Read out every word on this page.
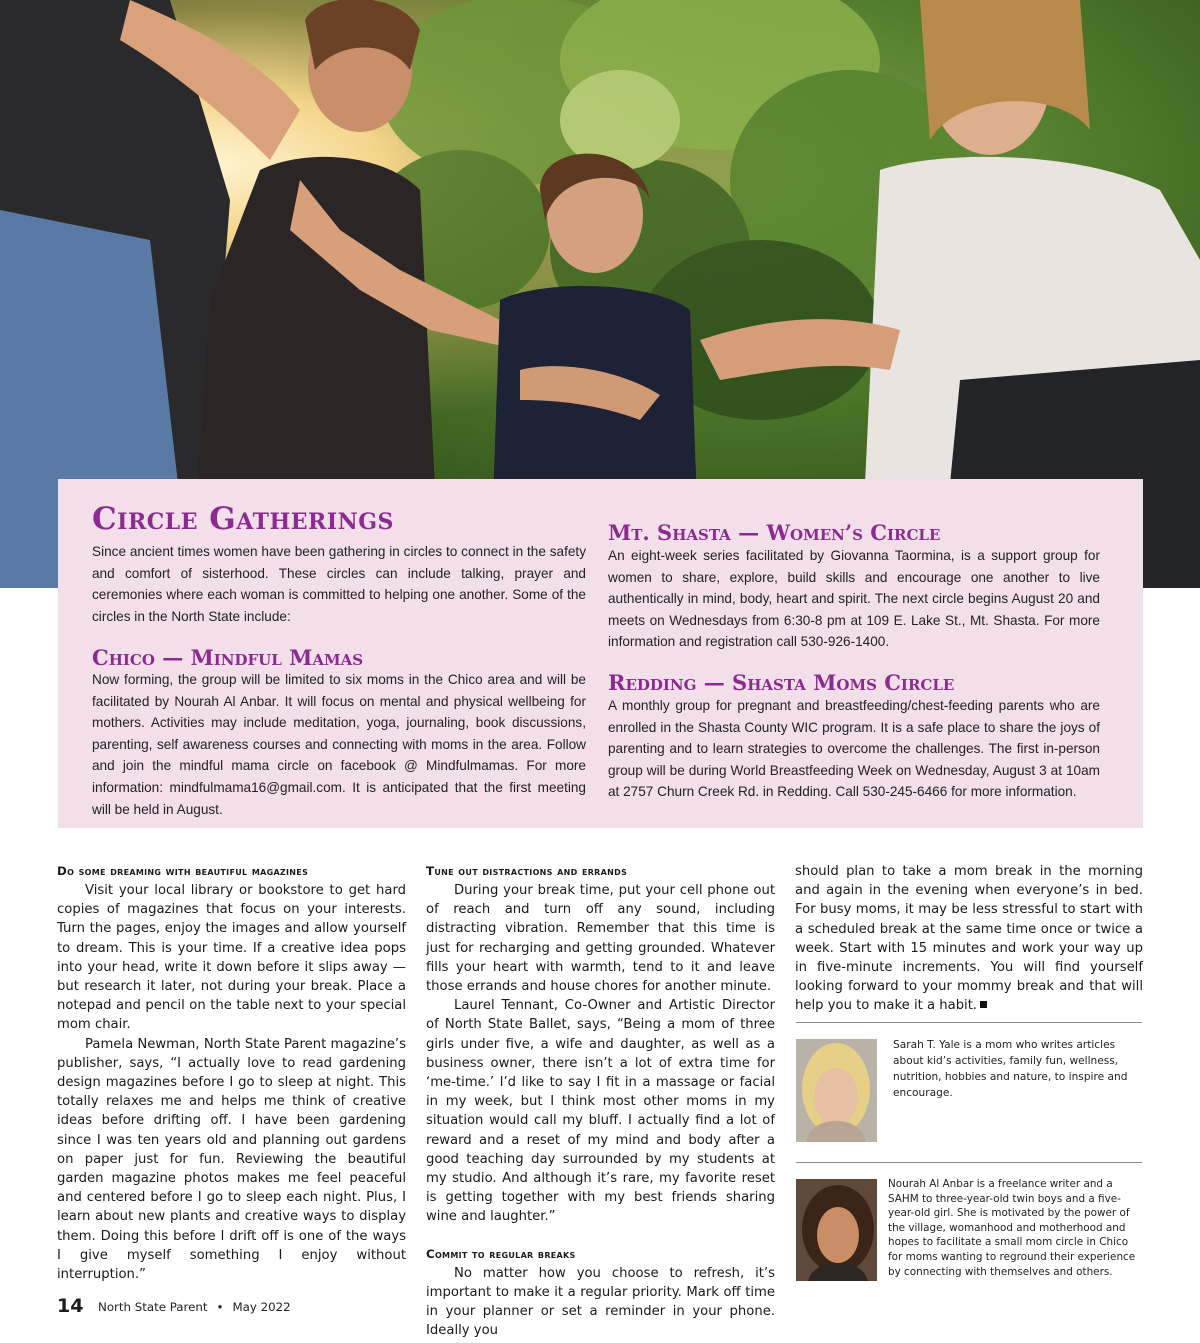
Circle Gatherings

Since ancient times women have been gathering in circles to connect in the safety and comfort of sisterhood. These circles can include talking, prayer and ceremonies where each woman is committed to helping one another. Some of the circles in the North State include:

Chico — Mindful Mamas

Now forming, the group will be limited to six moms in the Chico area and will be facilitated by Nourah Al Anbar. It will focus on mental and physical wellbeing for mothers. Activities may include meditation, yoga, journaling, book discussions, parenting, self awareness courses and connecting with moms in the area. Follow and join the mindful mama circle on facebook @ Mindfulmamas. For more information: mindfulmama16@gmail.com. It is anticipated that the first meeting will be held in August.

Mt. Shasta — Women’s Circle

An eight-week series facilitated by Giovanna Taormina, is a support group for women to share, explore, build skills and encourage one another to live authentically in mind, body, heart and spirit. The next circle begins August 20 and meets on Wednesdays from 6:30-8 pm at 109 E. Lake St., Mt. Shasta. For more information and registration call 530-926-1400.

Redding — Shasta Moms Circle

A monthly group for pregnant and breastfeeding/chest-feeding parents who are enrolled in the Shasta County WIC program. It is a safe place to share the joys of parenting and to learn strategies to overcome the challenges. The first in-person group will be during World Breastfeeding Week on Wednesday, August 3 at 10am at 2757 Churn Creek Rd. in Redding. Call 530-245-6466 for more information.

Do some dreaming with beautiful magazines

Visit your local library or bookstore to get hard copies of magazines that focus on your interests. Turn the pages, enjoy the images and allow yourself to dream. This is your time. If a creative idea pops into your head, write it down before it slips away — but research it later, not during your break. Place a notepad and pencil on the table next to your special mom chair.

Pamela Newman, North State Parent magazine’s publisher, says, “I actually love to read gardening design magazines before I go to sleep at night. This totally relaxes me and helps me think of creative ideas before drifting off. I have been gardening since I was ten years old and planning out gardens on paper just for fun. Reviewing the beautiful garden magazine photos makes me feel peaceful and centered before I go to sleep each night. Plus, I learn about new plants and creative ways to display them. Doing this before I drift off is one of the ways I give myself something I enjoy without interruption.”

Tune out distractions and errands

During your break time, put your cell phone out of reach and turn off any sound, including distracting vibration. Remember that this time is just for recharging and getting grounded. Whatever fills your heart with warmth, tend to it and leave those errands and house chores for another minute.

Laurel Tennant, Co-Owner and Artistic Director of North State Ballet, says, “Being a mom of three girls under five, a wife and daughter, as well as a business owner, there isn’t a lot of extra time for ‘me-time.’ I’d like to say I fit in a massage or facial in my week, but I think most other moms in my situation would call my bluff. I actually find a lot of reward and a reset of my mind and body after a good teaching day surrounded by my students at my studio. And although it’s rare, my favorite reset is getting together with my best friends sharing wine and laughter.”

Commit to regular breaks

No matter how you choose to refresh, it’s important to make it a regular priority. Mark off time in your planner or set a reminder in your phone. Ideally you

should plan to take a mom break in the morning and again in the evening when everyone’s in bed. For busy moms, it may be less stressful to start with a scheduled break at the same time once or twice a week. Start with 15 minutes and work your way up in five-minute increments. You will find yourself looking forward to your mommy break and that will help you to make it a habit.

Sarah T. Yale is a mom who writes articles about kid’s activities, family fun, wellness, nutrition, hobbies and nature, to inspire and encourage.

Nourah Al Anbar is a freelance writer and a SAHM to three-year-old twin boys and a five-year-old girl. She is motivated by the power of the village, womanhood and motherhood and hopes to facilitate a small mom circle in Chico for moms wanting to reground their experience by connecting with themselves and others.

14 North State Parent • May 2022
